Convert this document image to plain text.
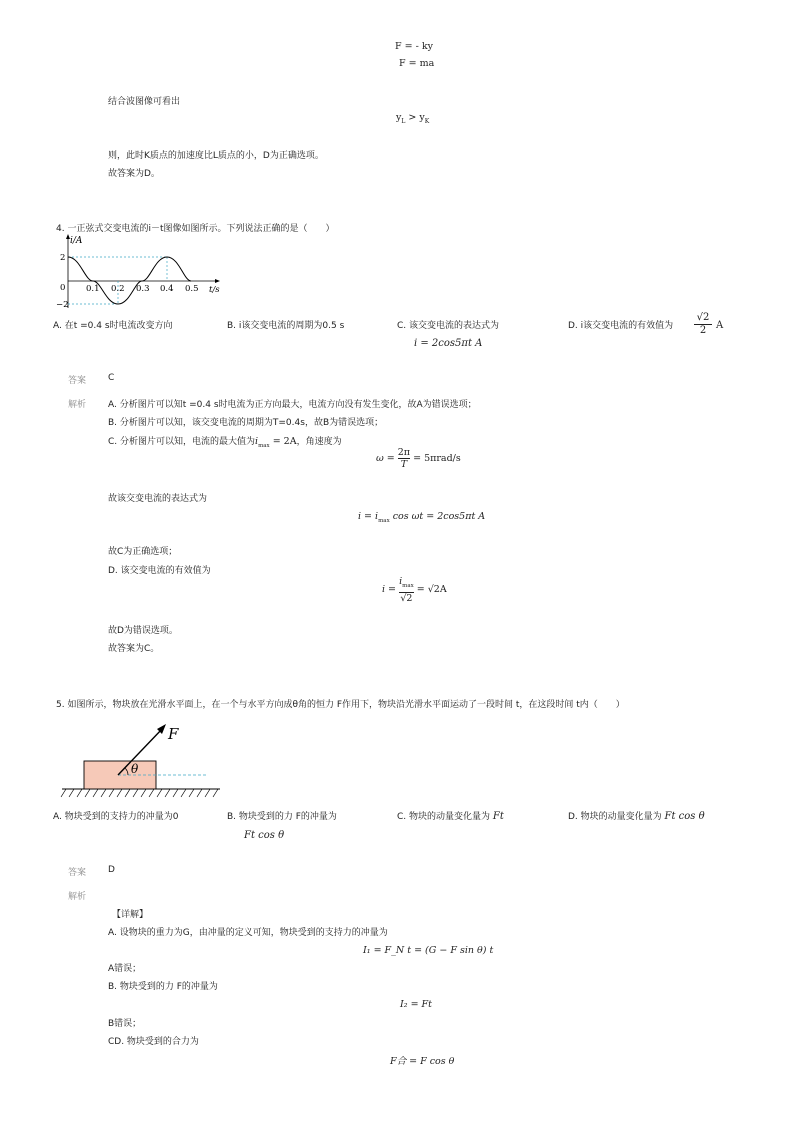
F = - ky
F = ma
结合波图像可看出
$y_L > y_K$
则，此时K质点的加速度比L质点的小，D为正确选项。
故答案为D。
4. 一正弦式交变电流的i－t图像如图所示。下列说法正确的是（　　）
i/A
t/s
2
0
−2
0.1 0.2 0.3 0.4 0.5
A. 在t =0.4 s时电流改变方向	B. i该交变电流的周期为0.5 s	C. 该交变电流的表达式为
i = 2cos5πt A
D. i该交变电流的有效值为 $\frac{√2}{2}$ A
答案 C
解析 A. 分析图片可以知t =0.4 s时电流为正方向最大，电流方向没有发生变化，故A为错误选项；
B. 分析图片可以知，该交变电流的周期为T=0.4s，故B为错误选项；
C. 分析图片可以知，电流的最大值为$i_{max} = 2A$，角速度为
$\omega = \frac{2\pi}{T} = 5\pi rad/s$
故该交变电流的表达式为
$i = i_{max}$ cos ωt = 2cos5πt A
故C为正确选项；
D. 该交变电流的有效值为
i =
$i_{max}$
√2
= √2A
故D为错误选项。
故答案为C。
5. 如图所示，物块放在光滑水平面上，在一个与水平方向成θ角的恒力 F作用下，物块沿光滑水平面运动了一段时间 t，在这段时间 t内（　　）
F
θ
A. 物块受到的支持力的冲量为0	B. 物块受到的力 F的冲量为
Ft cos θ
C. 物块的动量变化量为 Ft	D. 物块的动量变化量为 Ft cos θ
答案 D
解析
【详解】
A. 设物块的重力为G，由冲量的定义可知，物块受到的支持力的冲量为
I₁ = F_N t = (G − F sin θ) t
A错误；
B. 物块受到的力 F的冲量为
I₂ = Ft
B错误；
CD. 物块受到的合力为
F合 = F cos θ
